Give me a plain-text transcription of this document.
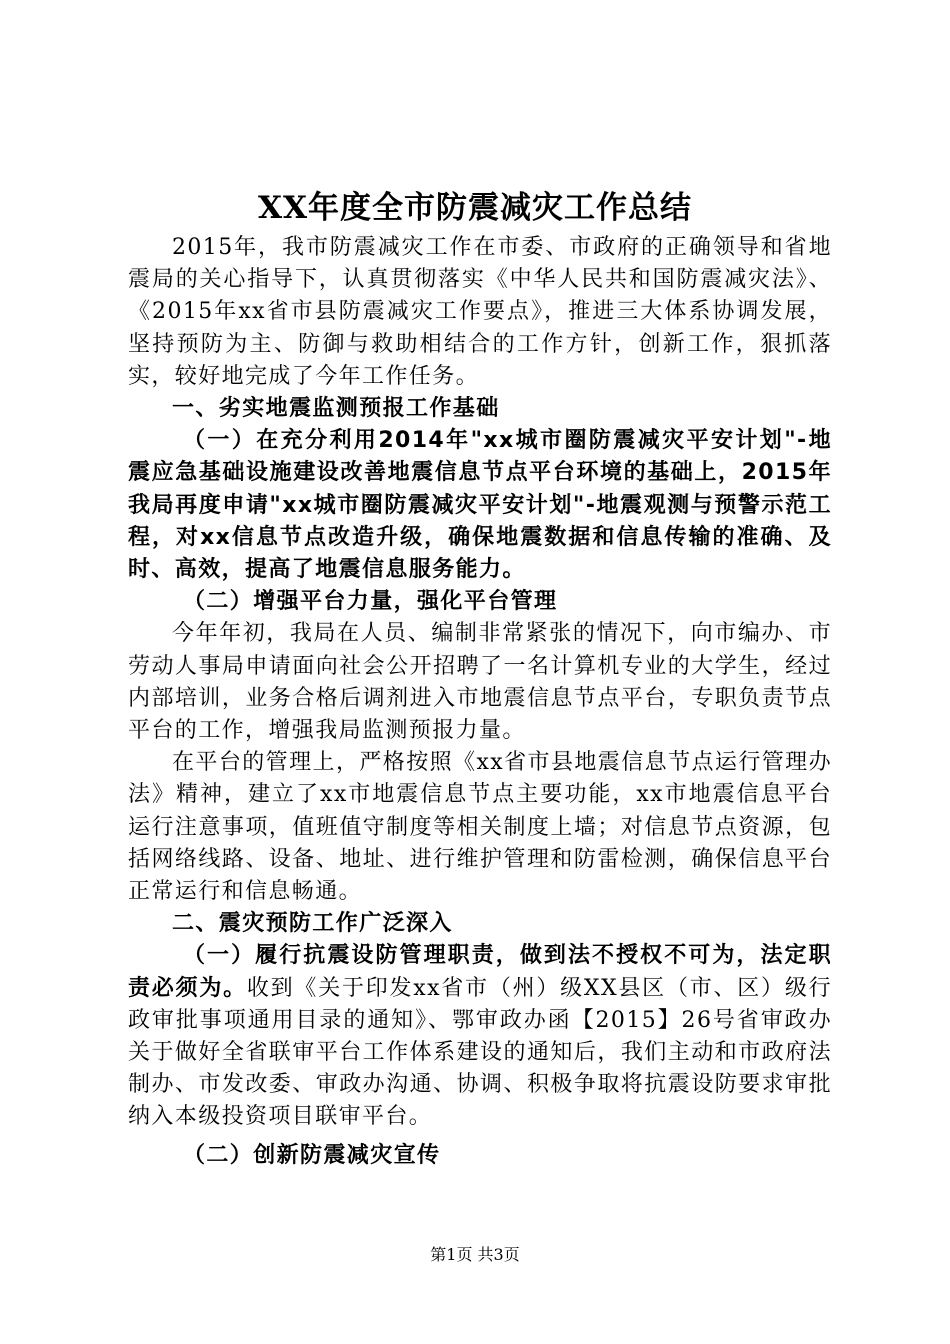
XX年度全市防震减灾工作总结

2015年，我市防震减灾工作在市委、市政府的正确领导和省地震局的关心指导下，认真贯彻落实《中华人民共和国防震减灾法》、《2015年xx省市县防震减灾工作要点》，推进三大体系协调发展，坚持预防为主、防御与救助相结合的工作方针，创新工作，狠抓落实，较好地完成了今年工作任务。

一、劣实地震监测预报工作基础

（一）在充分利用2014年"xx城市圈防震减灾平安计划"-地震应急基础设施建设改善地震信息节点平台环境的基础上，2015年我局再度申请"xx城市圈防震减灾平安计划"-地震观测与预警示范工程，对xx信息节点改造升级，确保地震数据和信息传输的准确、及时、高效，提高了地震信息服务能力。

（二）增强平台力量，强化平台管理

今年年初，我局在人员、编制非常紧张的情况下，向市编办、市劳动人事局申请面向社会公开招聘了一名计算机专业的大学生，经过内部培训，业务合格后调剂进入市地震信息节点平台，专职负责节点平台的工作，增强我局监测预报力量。

在平台的管理上，严格按照《xx省市县地震信息节点运行管理办法》精神，建立了xx市地震信息节点主要功能，xx市地震信息平台运行注意事项，值班值守制度等相关制度上墙；对信息节点资源，包括网络线路、设备、地址、进行维护管理和防雷检测，确保信息平台正常运行和信息畅通。

二、震灾预防工作广泛深入

（一）履行抗震设防管理职责，做到法不授权不可为，法定职责必须为。收到《关于印发xx省市（州）级XX县区（市、区）级行政审批事项通用目录的通知》、鄂审政办函【2015】26号省审政办关于做好全省联审平台工作体系建设的通知后，我们主动和市政府法制办、市发改委、审政办沟通、协调、积极争取将抗震设防要求审批纳入本级投资项目联审平台。

（二）创新防震减灾宣传

第1页 共3页
